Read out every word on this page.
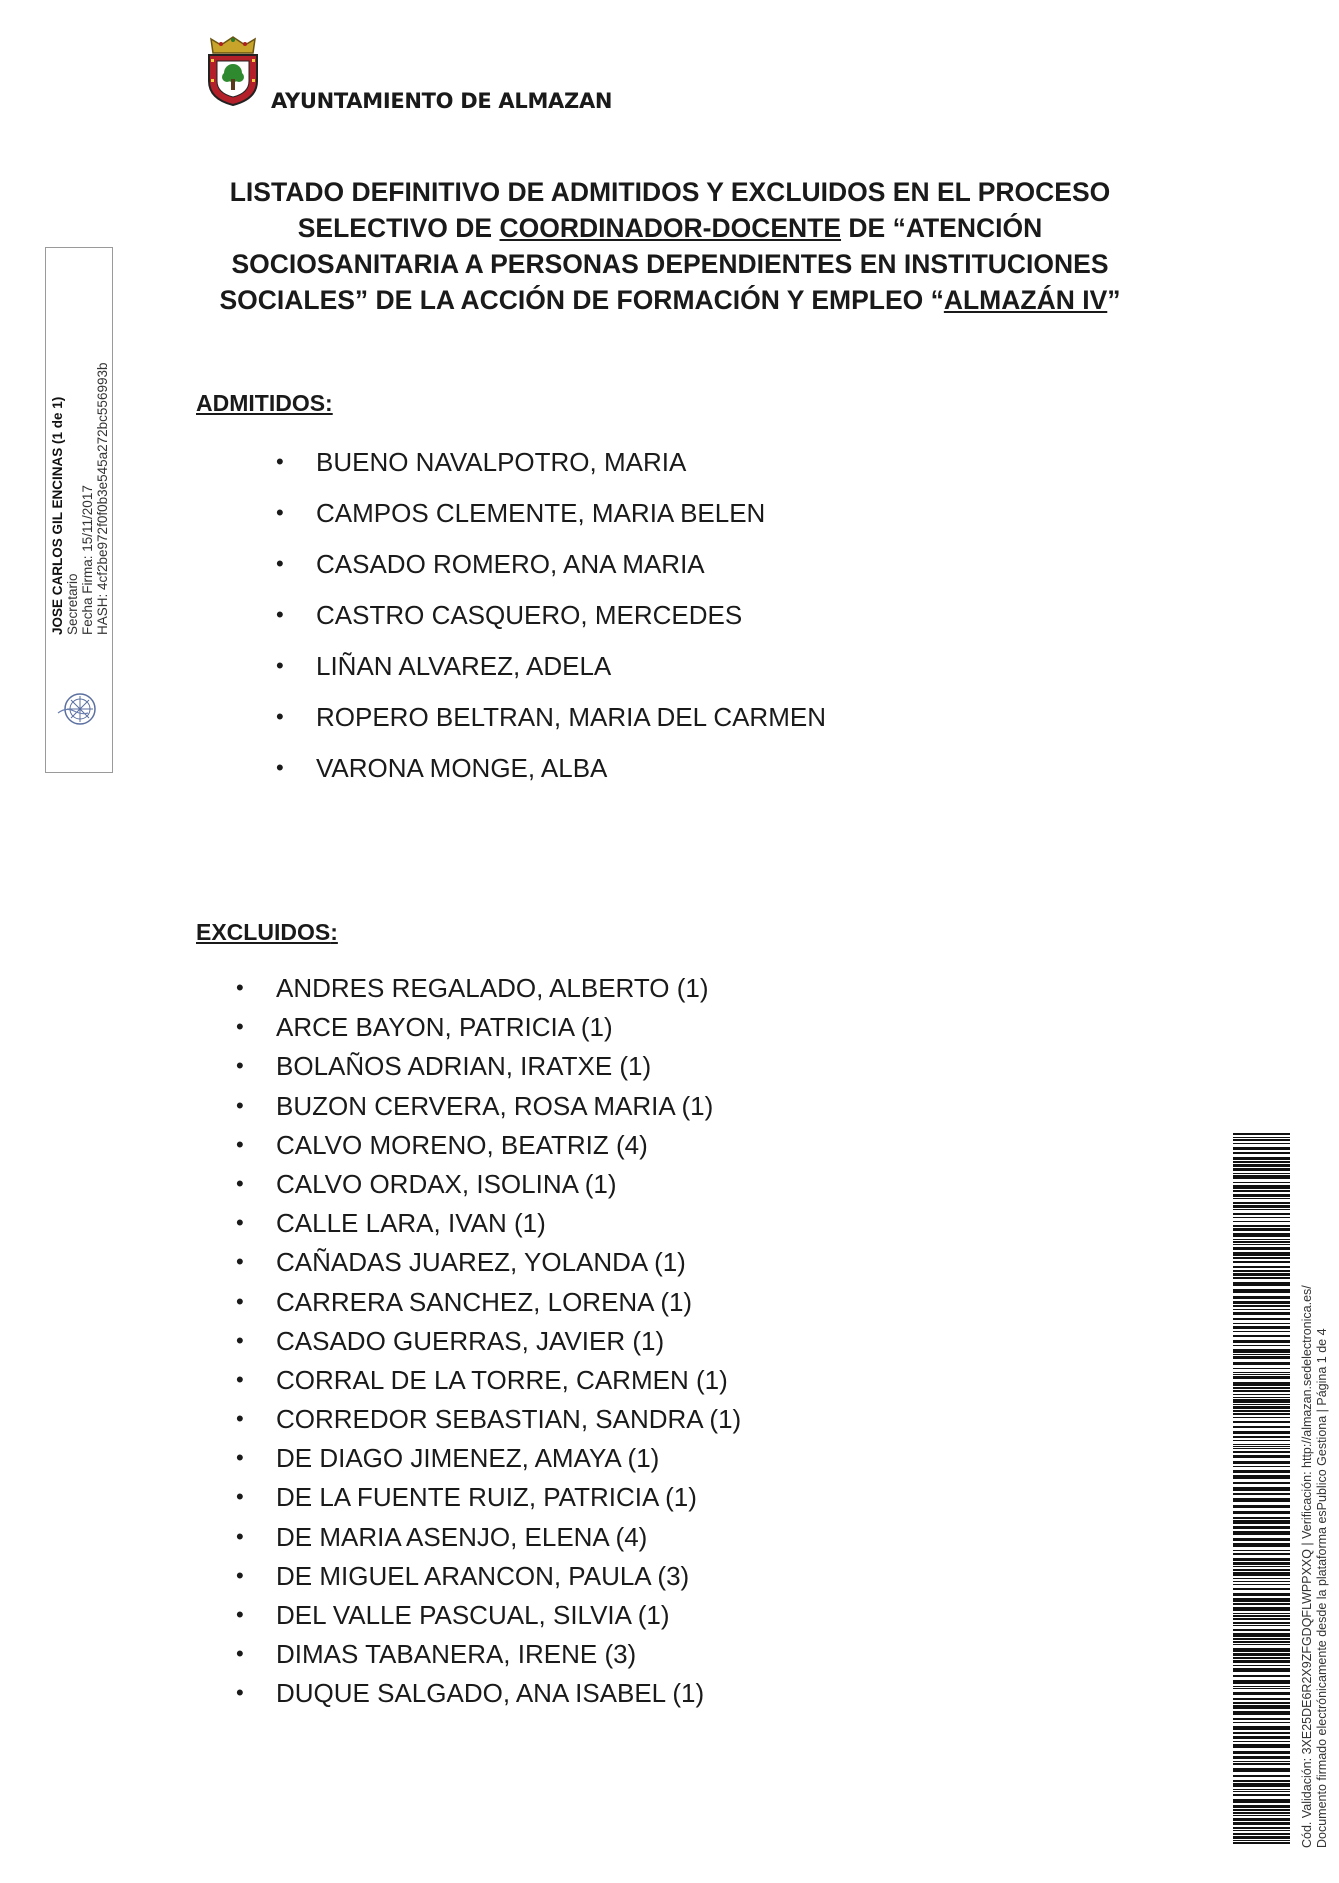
AYUNTAMIENTO DE ALMAZAN
LISTADO DEFINITIVO DE ADMITIDOS Y EXCLUIDOS EN EL PROCESO
SELECTIVO DE COORDINADOR-DOCENTE DE “ATENCIÓN
SOCIOSANITARIA A PERSONAS DEPENDIENTES EN INSTITUCIONES
SOCIALES” DE LA ACCIÓN DE FORMACIÓN Y EMPLEO “ALMAZÁN IV”
ADMITIDOS:
• BUENO NAVALPOTRO, MARIA
• CAMPOS CLEMENTE, MARIA BELEN
• CASADO ROMERO, ANA MARIA
• CASTRO CASQUERO, MERCEDES
• LIÑAN ALVAREZ, ADELA
• ROPERO BELTRAN, MARIA DEL CARMEN
• VARONA MONGE, ALBA
EXCLUIDOS:
• ANDRES REGALADO, ALBERTO (1)
• ARCE BAYON, PATRICIA (1)
• BOLAÑOS ADRIAN, IRATXE (1)
• BUZON CERVERA, ROSA MARIA (1)
• CALVO MORENO, BEATRIZ (4)
• CALVO ORDAX, ISOLINA (1)
• CALLE LARA, IVAN (1)
• CAÑADAS JUAREZ, YOLANDA (1)
• CARRERA SANCHEZ, LORENA (1)
• CASADO GUERRAS, JAVIER (1)
• CORRAL DE LA TORRE, CARMEN (1)
• CORREDOR SEBASTIAN, SANDRA (1)
• DE DIAGO JIMENEZ, AMAYA (1)
• DE LA FUENTE RUIZ, PATRICIA (1)
• DE MARIA ASENJO, ELENA (4)
• DE MIGUEL ARANCON, PAULA (3)
• DEL VALLE PASCUAL, SILVIA (1)
• DIMAS TABANERA, IRENE (3)
• DUQUE SALGADO, ANA ISABEL (1)
JOSE CARLOS GIL ENCINAS (1 de 1) Secretario Fecha Firma: 15/11/2017 HASH: 4cf2be972f0f0b3e545a272bc556993b
Cód. Validación: 3XE25DE6R2X9ZFGDQFLWPPXXQ | Verificación: http://almazan.sedelectronica.es/ Documento firmado electrónicamente desde la plataforma esPublico Gestiona | Página 1 de 4
